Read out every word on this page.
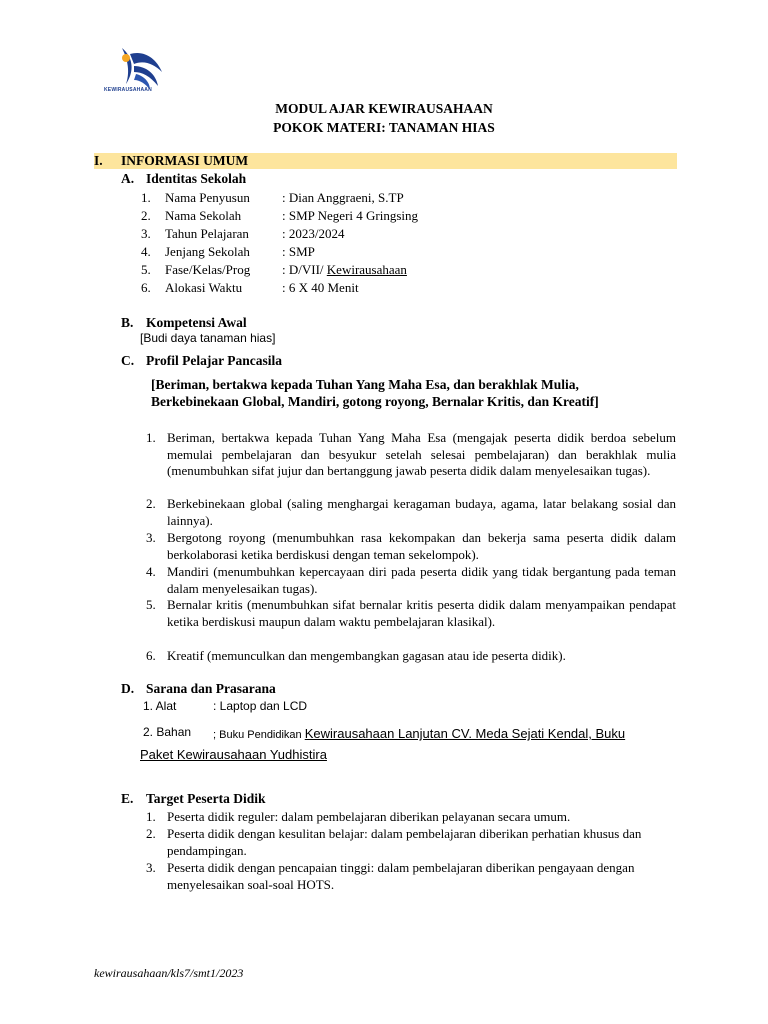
KEWIRAUSAHAAN
MODUL AJAR KEWIRAUSAHAAN
POKOK MATERI: TANAMAN HIAS
I. INFORMASI UMUM
A. Identitas Sekolah
1. Nama Penyusun : Dian Anggraeni, S.TP
2. Nama Sekolah	: SMP Negeri 4 Gringsing
3. Tahun Pelajaran	: 2023/2024
4. Jenjang Sekolah : SMP
5. Fase/Kelas/Prog : D/VII/ Kewirausahaan
6. Alokasi Waktu	: 6 X 40 Menit
B. Kompetensi Awal
[Budi daya tanaman hias]
C. Profil Pelajar Pancasila
[Beriman, bertakwa kepada Tuhan Yang Maha Esa, dan berakhlak Mulia,
Berkebinekaan Global, Mandiri, gotong royong, Bernalar Kritis, dan Kreatif]
1. Beriman, bertakwa kepada Tuhan Yang Maha Esa (mengajak peserta didik berdoa sebelum memulai pembelajaran dan besyukur setelah selesai pembelajaran) dan berakhlak mulia (menumbuhkan sifat jujur dan bertanggung jawab peserta didik dalam menyelesaikan tugas).
2. Berkebinekaan global (saling menghargai keragaman budaya, agama, latar belakang sosial dan lainnya).
3. Bergotong royong (menumbuhkan rasa kekompakan dan bekerja sama peserta didik dalam berkolaborasi ketika berdiskusi dengan teman sekelompok).
4. Mandiri (menumbuhkan kepercayaan diri pada peserta didik yang tidak bergantung pada teman dalam menyelesaikan tugas).
5. Bernalar kritis (menumbuhkan sifat bernalar kritis peserta didik dalam menyampaikan pendapat ketika berdiskusi maupun dalam waktu pembelajaran klasikal).
6. Kreatif (memunculkan dan mengembangkan gagasan atau ide peserta didik).
D. Sarana dan Prasarana
1. Alat	: Laptop dan LCD
2. Bahan ; Buku Pendidikan Kewirausahaan Lanjutan CV. Meda Sejati Kendal, Buku
Paket Kewirausahaan Yudhistira
E. Target Peserta Didik
1. Peserta didik reguler: dalam pembelajaran diberikan pelayanan secara umum.
2. Peserta didik dengan kesulitan belajar: dalam pembelajaran diberikan perhatian khusus dan pendampingan.
3. Peserta didik dengan pencapaian tinggi: dalam pembelajaran diberikan pengayaan dengan menyelesaikan soal-soal HOTS.
kewirausahaan/kls7/smt1/2023
